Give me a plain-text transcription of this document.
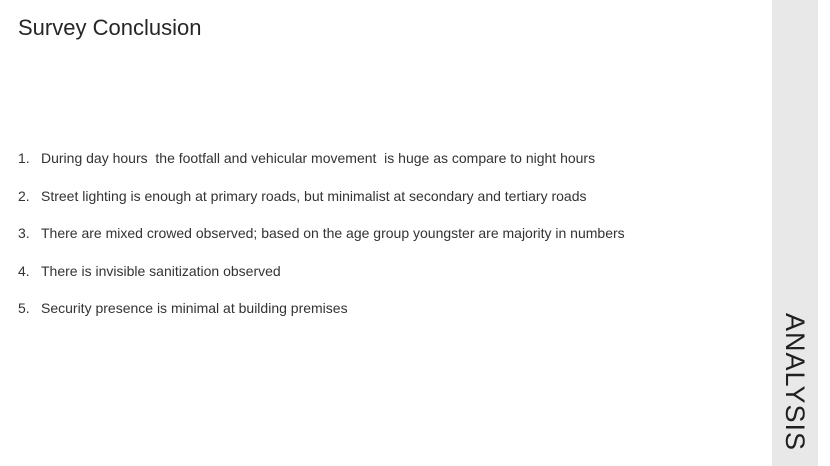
Survey Conclusion
1. During day hours  the footfall and vehicular movement  is huge as compare to night hours
2. Street lighting is enough at primary roads, but minimalist at secondary and tertiary roads
3. There are mixed crowed observed; based on the age group youngster are majority in numbers
4. There is invisible sanitization observed
5. Security presence is minimal at building premises
ANALYSIS
